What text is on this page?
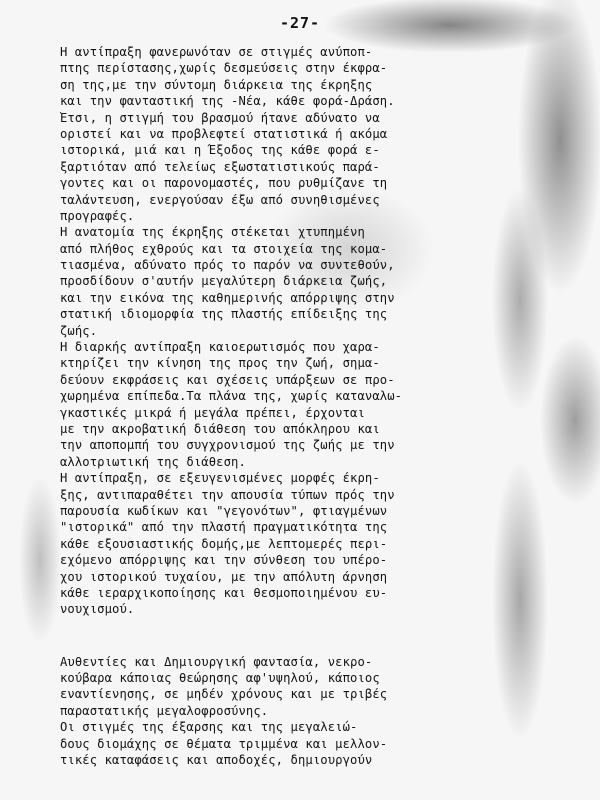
-27-
Η αντίπραξη φανερωνόταν σε στιγμές ανύποπ-
πτης περίστασης,χωρίς δεσμεύσεις στην έκφρα-
ση της,με την σύντομη διάρκεια της έκρηξης
και την φανταστική της -Νέα, κάθε φορά-Δράση.
Έτσι, η στιγμή του βρασμού ήτανε αδύνατο να
οριστεί και να προβλεφτεί στατιστικά ή ακόμα
ιστορικά, μιά και η Έξοδος της κάθε φορά ε-
ξαρτιόταν από τελείως εξωστατιστικούς παρά-
γοντες και οι παρονομαστές, που ρυθμίζανε τη
ταλάντευση, ενεργούσαν έξω από συνηθισμένες
προγραφές.
Η ανατομία της έκρηξης στέκεται χτυπημένη
από πλήθος εχθρούς και τα στοιχεία της κομα-
τιασμένα, αδύνατο πρός το παρόν να συντεθούν,
προσδίδουν σ'αυτήν μεγαλύτερη διάρκεια ζωής,
και την εικόνα της καθημερινής απόρριψης στην
στατική ιδιομορφία της πλαστής επίδειξης της
ζωής.
Η διαρκής αντίπραξη καιοερωτισμός που χαρα-
κτηρίζει την κίνηση της προς την ζωή, σημα-
δεύουν εκφράσεις και σχέσεις υπάρξεων σε προ-
χωρημένα επίπεδα.Τα πλάνα της, χωρίς καταναλω-
γκαστικές μικρά ή μεγάλα πρέπει, έρχονται
με την ακροβατική διάθεση του απόκληρου και
την αποπομπή του συγχρονισμού της ζωής με την
αλλοτριωτική της διάθεση.
Η αντίπραξη, σε εξευγενισμένες μορφές έκρη-
ξης, αντιπαραθέτει την απουσία τύπων πρός την
παρουσία κωδίκων και "γεγονότων", φτιαγμένων
"ιστορικά" από την πλαστή πραγματικότητα της
κάθε εξουσιαστικής δομής,με λεπτομερές περι-
εχόμενο απόρριψης και την σύνθεση του υπέρο-
χου ιστορικού τυχαίου, με την απόλυτη άρνηση
κάθε ιεραρχικοποίησης και θεσμοποιημένου ευ-
νουχισμού.
Αυθεντίες και Δημιουργική φαντασία, νεκρο-
κούβαρα κάποιας θεώρησης αφ'υψηλού, κάποιος
εναντίενησης, σε μηδέν χρόνους και με τριβές
παραστατικής μεγαλοφροσύνης.
Οι στιγμές της έξαρσης και της μεγαλειώ-
δους διομάχης σε θέματα τριμμένα και μελλον-
τικές καταφάσεις και αποδοχές, δημιουργούν
